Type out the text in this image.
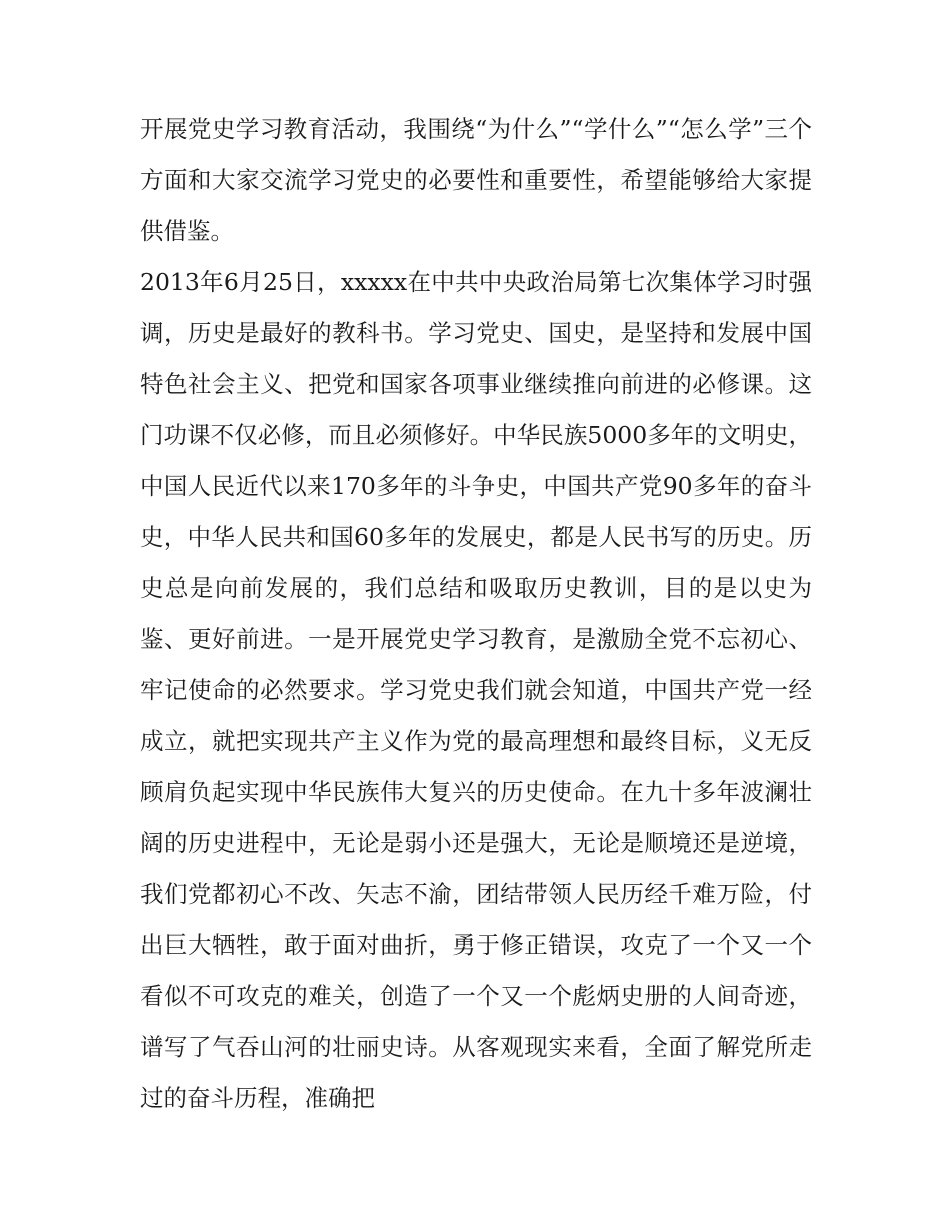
开展党史学习教育活动，我围绕“为什么”“学什么”“怎么学”三个方面和大家交流学习党史的必要性和重要性，希望能够给大家提供借鉴。

2013年6月25日，xxxxx在中共中央政治局第七次集体学习时强调，历史是最好的教科书。学习党史、国史，是坚持和发展中国特色社会主义、把党和国家各项事业继续推向前进的必修课。这门功课不仅必修，而且必须修好。中华民族5000多年的文明史，中国人民近代以来170多年的斗争史，中国共产党90多年的奋斗史，中华人民共和国60多年的发展史，都是人民书写的历史。历史总是向前发展的，我们总结和吸取历史教训，目的是以史为鉴、更好前进。一是开展党史学习教育，是激励全党不忘初心、牢记使命的必然要求。学习党史我们就会知道，中国共产党一经成立，就把实现共产主义作为党的最高理想和最终目标，义无反顾肩负起实现中华民族伟大复兴的历史使命。在九十多年波澜壮阔的历史进程中，无论是弱小还是强大，无论是顺境还是逆境，我们党都初心不改、矢志不渝，团结带领人民历经千难万险，付出巨大牺牲，敢于面对曲折，勇于修正错误，攻克了一个又一个看似不可攻克的难关，创造了一个又一个彪炳史册的人间奇迹，谱写了气吞山河的壮丽史诗。从客观现实来看，全面了解党所走过的奋斗历程，准确把
